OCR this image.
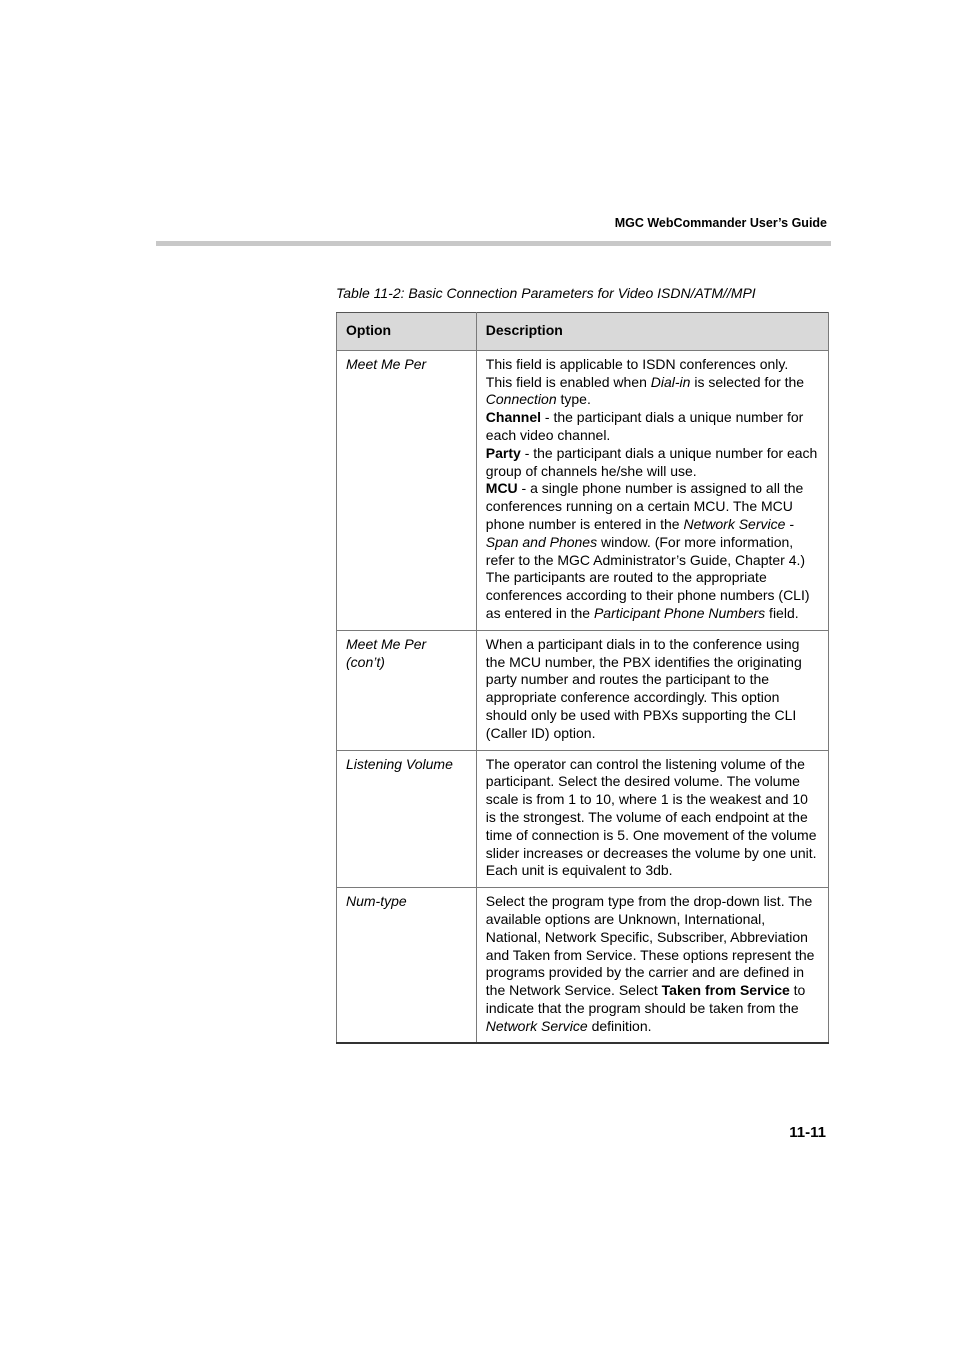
MGC WebCommander User’s Guide
Table 11-2: Basic Connection Parameters for Video ISDN/ATM//MPI
Option	Description
Meet Me Per	This field is applicable to ISDN conferences only.
This field is enabled when Dial-in is selected for the Connection type.
Channel - the participant dials a unique number for each video channel.
Party - the participant dials a unique number for each group of channels he/she will use.
MCU - a single phone number is assigned to all the conferences running on a certain MCU. The MCU phone number is entered in the Network Service - Span and Phones window. (For more information, refer to the MGC Administrator’s Guide, Chapter 4.) The participants are routed to the appropriate conferences according to their phone numbers (CLI) as entered in the Participant Phone Numbers field.

Meet Me Per
(con’t)	When a participant dials in to the conference using the MCU number, the PBX identifies the originating party number and routes the participant to the appropriate conference accordingly. This option should only be used with PBXs supporting the CLI (Caller ID) option.
Listening Volume	The operator can control the listening volume of the participant. Select the desired volume. The volume scale is from 1 to 10, where 1 is the weakest and 10 is the strongest. The volume of each endpoint at the time of connection is 5. One movement of the volume slider increases or decreases the volume by one unit. Each unit is equivalent to 3db.
Num-type	Select the program type from the drop-down list. The available options are Unknown, International, National, Network Specific, Subscriber, Abbreviation and Taken from Service. These options represent the programs provided by the carrier and are defined in the Network Service. Select Taken from Service to indicate that the program should be taken from the Network Service definition.
11-11
